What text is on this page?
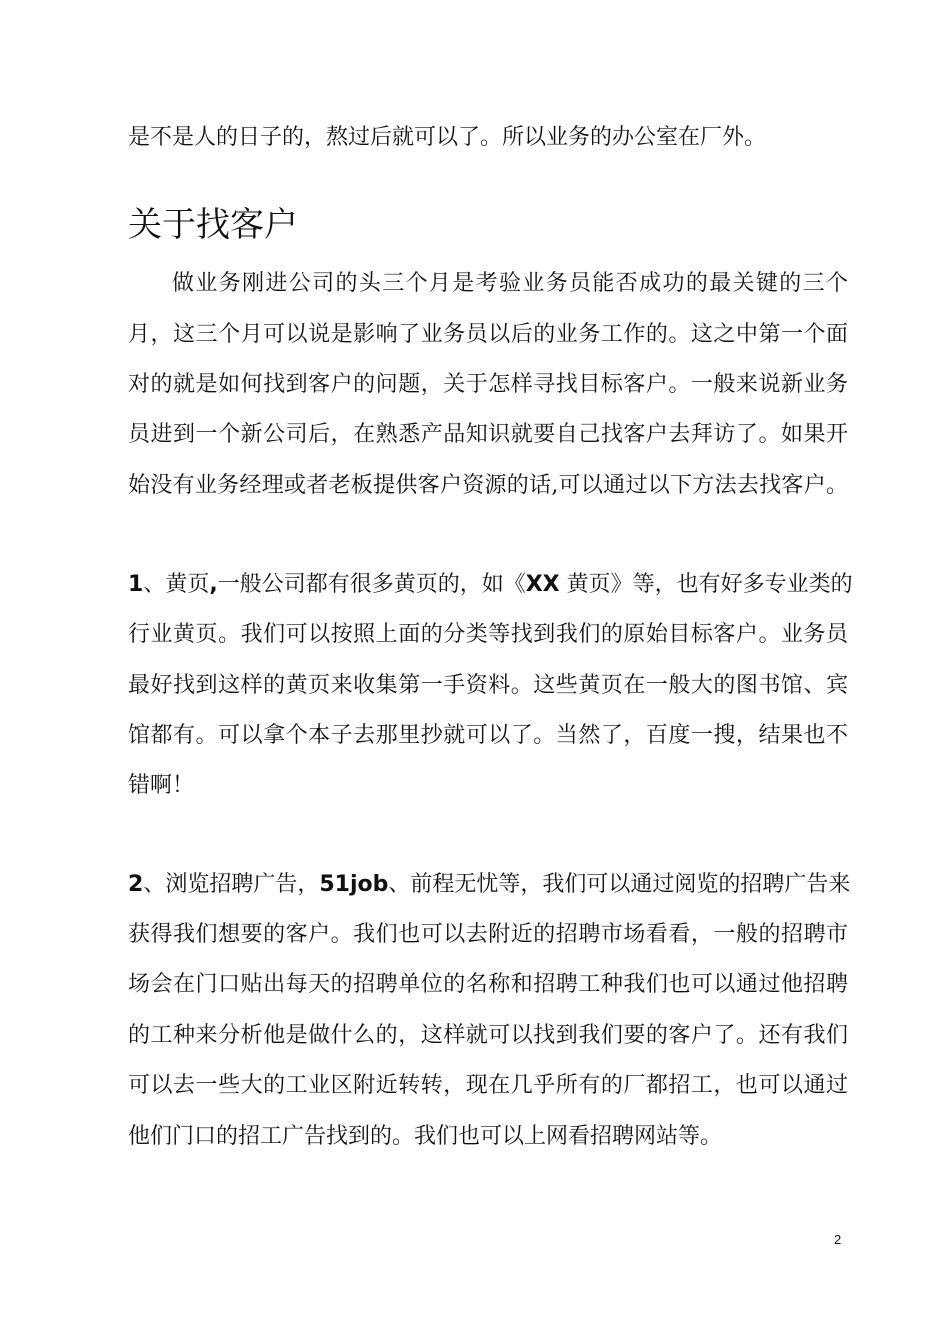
是不是人的日子的，熬过后就可以了。所以业务的办公室在厂外。
关于找客户
做业务刚进公司的头三个月是考验业务员能否成功的最关键的三个
月，这三个月可以说是影响了业务员以后的业务工作的。这之中第一个面
对的就是如何找到客户的问题，关于怎样寻找目标客户。一般来说新业务
员进到一个新公司后，在熟悉产品知识就要自己找客户去拜访了。如果开
始没有业务经理或者老板提供客户资源的话,可以通过以下方法去找客户。
1、黄页,一般公司都有很多黄页的，如《XX 黄页》等，也有好多专业类的
行业黄页。我们可以按照上面的分类等找到我们的原始目标客户。业务员
最好找到这样的黄页来收集第一手资料。这些黄页在一般大的图书馆、宾
馆都有。可以拿个本子去那里抄就可以了。当然了，百度一搜，结果也不
错啊！
2、浏览招聘广告，51job、前程无忧等，我们可以通过阅览的招聘广告来
获得我们想要的客户。我们也可以去附近的招聘市场看看，一般的招聘市
场会在门口贴出每天的招聘单位的名称和招聘工种我们也可以通过他招聘
的工种来分析他是做什么的，这样就可以找到我们要的客户了。还有我们
可以去一些大的工业区附近转转，现在几乎所有的厂都招工，也可以通过
他们门口的招工广告找到的。我们也可以上网看招聘网站等。
2
